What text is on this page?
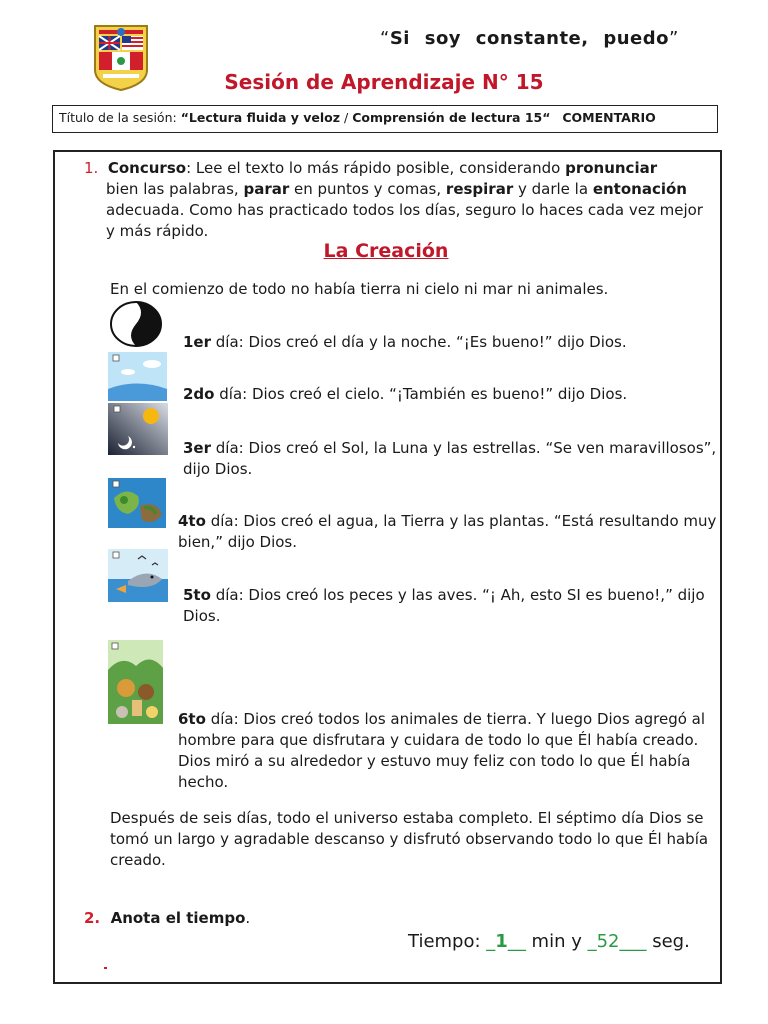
“Si soy constante, puedo”
Sesión de Aprendizaje N° 15
Título de la sesión: “Lectura fluida y veloz / Comprensión de lectura 15“ COMENTARIO
1. Concurso: Lee el texto lo más rápido posible, considerando pronunciar
bien las palabras, parar en puntos y comas, respirar y darle la entonación
adecuada. Como has practicado todos los días, seguro lo haces cada vez mejor y más rápido.
La Creación
En el comienzo de todo no había tierra ni cielo ni mar ni animales.
1er día: Dios creó el día y la noche. “¡Es bueno!” dijo Dios.
2do día: Dios creó el cielo. “¡También es bueno!” dijo Dios.
3er día: Dios creó el Sol, la Luna y las estrellas. “Se ven maravillosos”, dijo Dios.
4to día: Dios creó el agua, la Tierra y las plantas. “Está resultando muy bien,” dijo Dios.
5to día: Dios creó los peces y las aves. “¡ Ah, esto SI es bueno!,” dijo Dios.
6to día: Dios creó todos los animales de tierra. Y luego Dios agregó al hombre para que disfrutara y cuidara de todo lo que Él había creado. Dios miró a su alrededor y estuvo muy feliz con todo lo que Él había hecho.
Después de seis días, todo el universo estaba completo. El séptimo día Dios se tomó un largo y agradable descanso y disfrutó observando todo lo que Él había creado.
2. Anota el tiempo.
Tiempo: _1__ min y _52___ seg.
